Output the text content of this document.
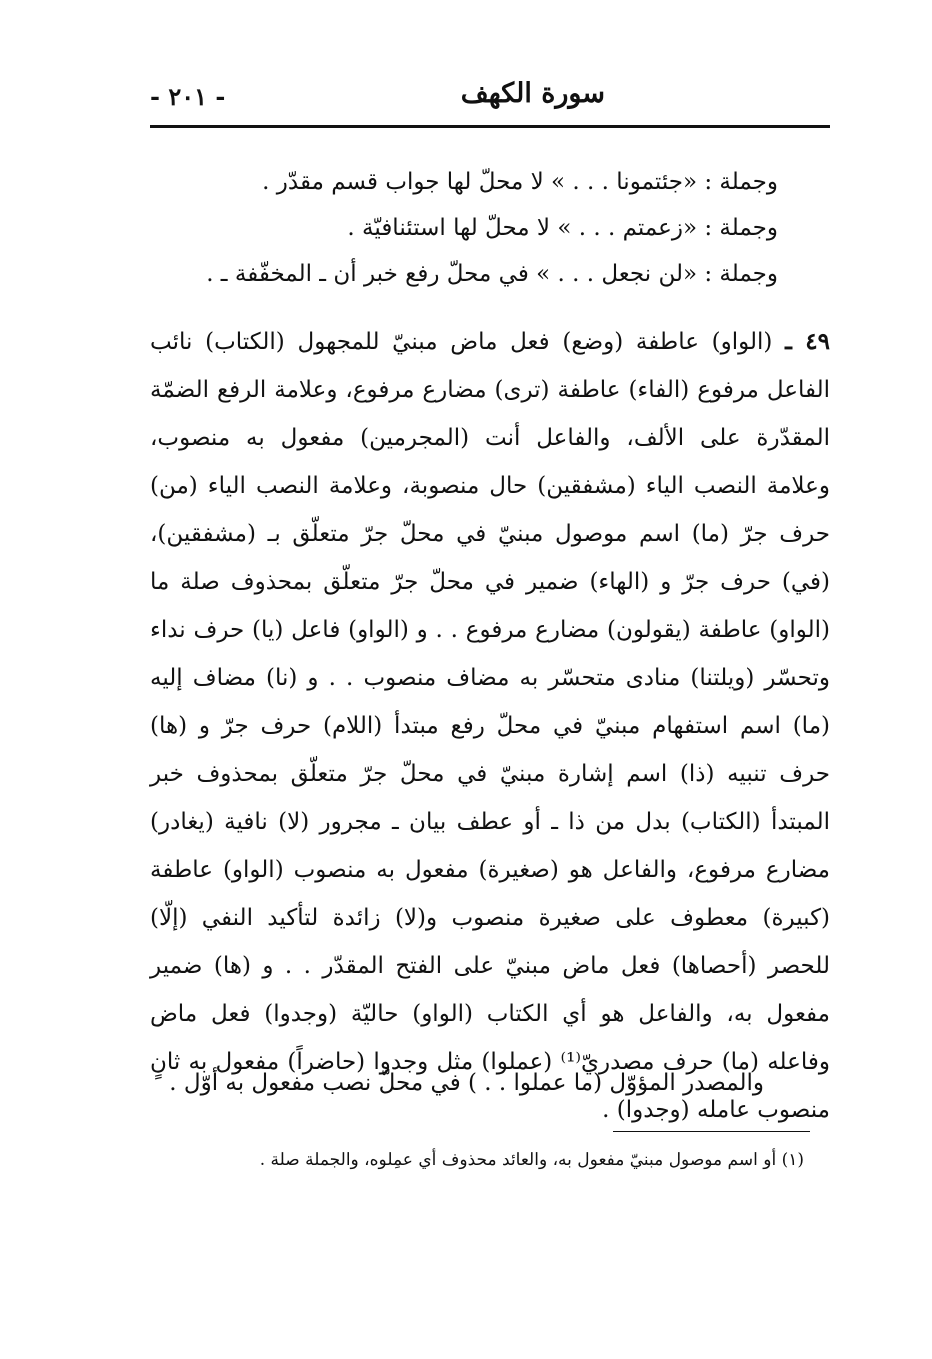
سورة الكهف
- ٢٠١ -
وجملة : «جئتمونا . . . » لا محلّ لها جواب قسم مقدّر .
وجملة : «زعمتم . . . » لا محلّ لها استئنافيّة .
وجملة : «لن نجعل . . . » في محلّ رفع خبر أن ـ المخفّفة ـ .
٤٩ ـ (الواو) عاطفة (وضع) فعل ماض مبنيّ للمجهول (الكتاب) نائب الفاعل مرفوع (الفاء) عاطفة (ترى) مضارع مرفوع، وعلامة الرفع الضمّة المقدّرة على الألف، والفاعل أنت (المجرمين) مفعول به منصوب، وعلامة النصب الياء (مشفقين) حال منصوبة، وعلامة النصب الياء (من) حرف جرّ (ما) اسم موصول مبنيّ في محلّ جرّ متعلّق بـ (مشفقين)، (في) حرف جرّ و (الهاء) ضمير في محلّ جرّ متعلّق بمحذوف صلة ما (الواو) عاطفة (يقولون) مضارع مرفوع . . و (الواو) فاعل (يا) حرف نداء وتحسّر (ويلتنا) منادى متحسّر به مضاف منصوب . . و (نا) مضاف إليه (ما) اسم استفهام مبنيّ في محلّ رفع مبتدأ (اللام) حرف جرّ و (ها) حرف تنبيه (ذا) اسم إشارة مبنيّ في محلّ جرّ متعلّق بمحذوف خبر المبتدأ (الكتاب) بدل من ذا ـ أو عطف بيان ـ مجرور (لا) نافية (يغادر) مضارع مرفوع، والفاعل هو (صغيرة) مفعول به منصوب (الواو) عاطفة (كبيرة) معطوف على صغيرة منصوب و(لا) زائدة لتأكيد النفي (إلّا) للحصر (أحصاها) فعل ماض مبنيّ على الفتح المقدّر . . و (ها) ضمير مفعول به، والفاعل هو أي الكتاب (الواو) حاليّة (وجدوا) فعل ماض وفاعله (ما) حرف مصدريّ⁽¹⁾ (عملوا) مثل وجدوا (حاضراً) مفعول به ثانٍ منصوب عامله (وجدوا) .
والمصدر المؤوّل (ما عملوا . . ) في محلّ نصب مفعول به أوّل .
(١) أو اسم موصول مبنيّ مفعول به، والعائد محذوف أي عمِلوه، والجملة صلة .
